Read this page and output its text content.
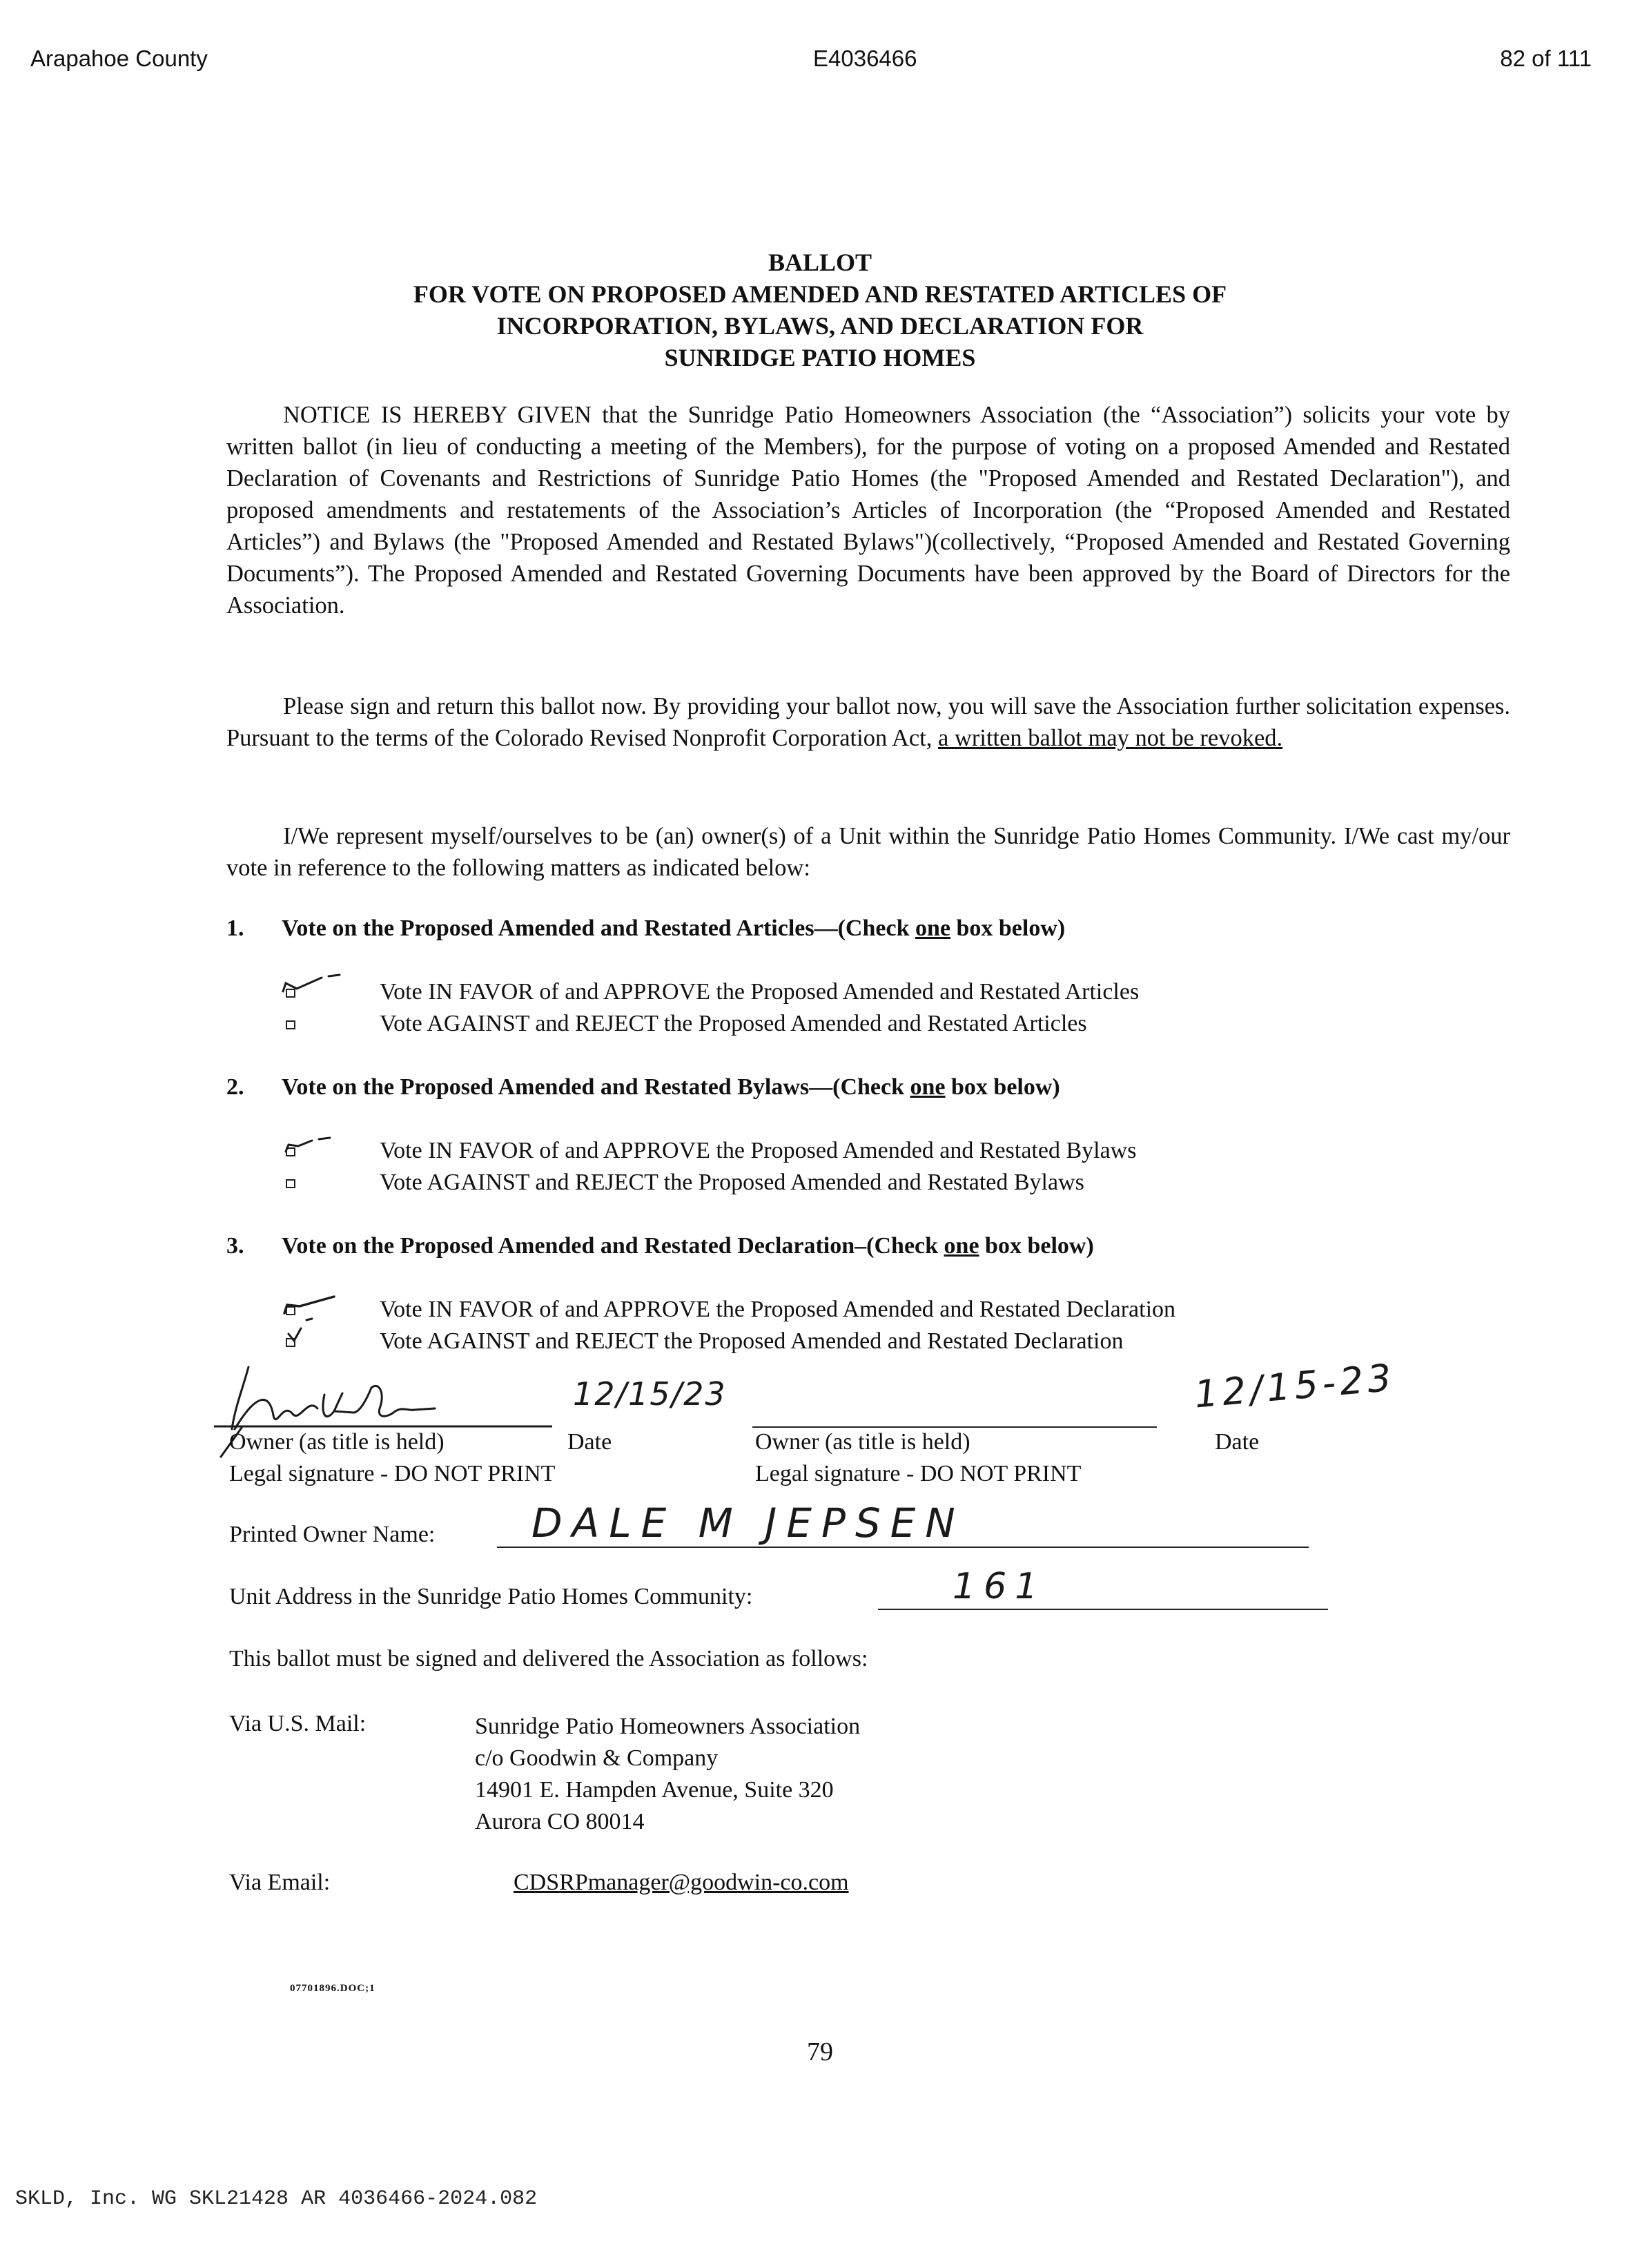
Arapahoe County	E4036466	82 of 111
BALLOT
FOR VOTE ON PROPOSED AMENDED AND RESTATED ARTICLES OF
INCORPORATION, BYLAWS, AND DECLARATION FOR
SUNRIDGE PATIO HOMES
NOTICE IS HEREBY GIVEN that the Sunridge Patio Homeowners Association (the “Association”) solicits your vote by written ballot (in lieu of conducting a meeting of the Members), for the purpose of voting on a proposed Amended and Restated Declaration of Covenants and Restrictions of Sunridge Patio Homes (the "Proposed Amended and Restated Declaration"), and proposed amendments and restatements of the Association’s Articles of Incorporation (the “Proposed Amended and Restated Articles”) and Bylaws (the "Proposed Amended and Restated Bylaws")(collectively, “Proposed Amended and Restated Governing Documents”). The Proposed Amended and Restated Governing Documents have been approved by the Board of Directors for the Association.
Please sign and return this ballot now. By providing your ballot now, you will save the Association further solicitation expenses. Pursuant to the terms of the Colorado Revised Nonprofit Corporation Act, a written ballot may not be revoked.
I/We represent myself/ourselves to be (an) owner(s) of a Unit within the Sunridge Patio Homes Community. I/We cast my/our vote in reference to the following matters as indicated below:
1. Vote on the Proposed Amended and Restated Articles—(Check one box below)
Vote IN FAVOR of and APPROVE the Proposed Amended and Restated Articles
Vote AGAINST and REJECT the Proposed Amended and Restated Articles
2. Vote on the Proposed Amended and Restated Bylaws—(Check one box below)
Vote IN FAVOR of and APPROVE the Proposed Amended and Restated Bylaws
Vote AGAINST and REJECT the Proposed Amended and Restated Bylaws
3. Vote on the Proposed Amended and Restated Declaration–(Check one box below)
Vote IN FAVOR of and APPROVE the Proposed Amended and Restated Declaration
Vote AGAINST and REJECT the Proposed Amended and Restated Declaration
12/15/23	12/15-23
Owner (as title is held)	Date
Legal signature - DO NOT PRINT
Owner (as title is held)	Date
Legal signature - DO NOT PRINT
Printed Owner Name: DALE M JEPSEN
Unit Address in the Sunridge Patio Homes Community:	161
This ballot must be signed and delivered the Association as follows:
Via U.S. Mail:	Sunridge Patio Homeowners Association
c/o Goodwin & Company
14901 E. Hampden Avenue, Suite 320
Aurora CO 80014
Via Email:	CDSRPmanager@goodwin-co.com
07701896.DOC;1
79
SKLD, Inc. WG SKL21428 AR 4036466-2024.082
